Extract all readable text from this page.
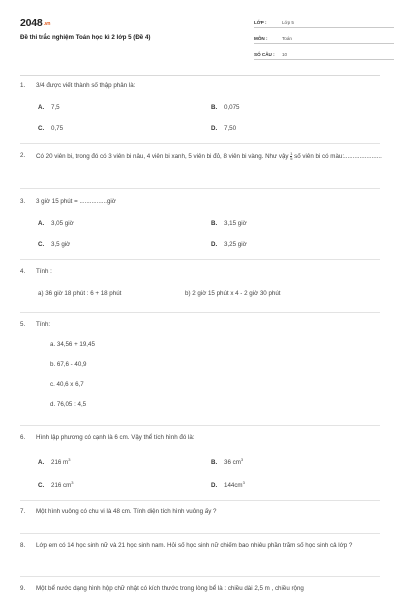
2048.vn
Đề thi trắc nghiệm Toán học kì 2 lớp 5 (Đề 4)
LỚP :	Lớp 5
MÔN :	Toán
SỐ CÂU :	10
1.	3/4 được viết thành số thập phân là:
A. 7,5	B. 0,075
C. 0,75	D. 7,50
2.	Có 20 viên bi, trong đó có 3 viên bi nâu, 4 viên bi xanh, 5 viên bi đỏ, 8 viên bi vàng. Như vậy $\frac{1}{5}$ số viên bi có màu:......................
3.	3 giờ 15 phút = ................giờ
A. 3,05 giờ	B. 3,15 giờ
C. 3,5 giờ	D. 3,25 giờ
4.	Tính :
a) 36 giờ 18 phút : 6 + 18 phút	b) 2 giờ 15 phút x 4 - 2 giờ 30 phút
5.	Tính:
a. 34,56 + 19,45
b. 67,6 - 40,9
c. 40,6 x 6,7
d. 76,05 : 4,5
6.	Hình lập phương có cạnh là 6 cm. Vậy thể tích hình đó là:
A. 216 $m^3$	B. 36 $cm^3$
C. 216 $cm^3$	D. $144cm^3$
7.	Một hình vuông có chu vi là 48 cm. Tính diện tích hình vuông ấy ?
8.	Lớp em có 14 học sinh nữ và 21 học sinh nam. Hỏi số học sinh nữ chiếm bao nhiêu phần trăm số học sinh cả lớp ?
9.	Một bể nước dạng hình hộp chữ nhật có kích thước trong lòng bể là : chiều dài 2,5 m , chiều rộng
